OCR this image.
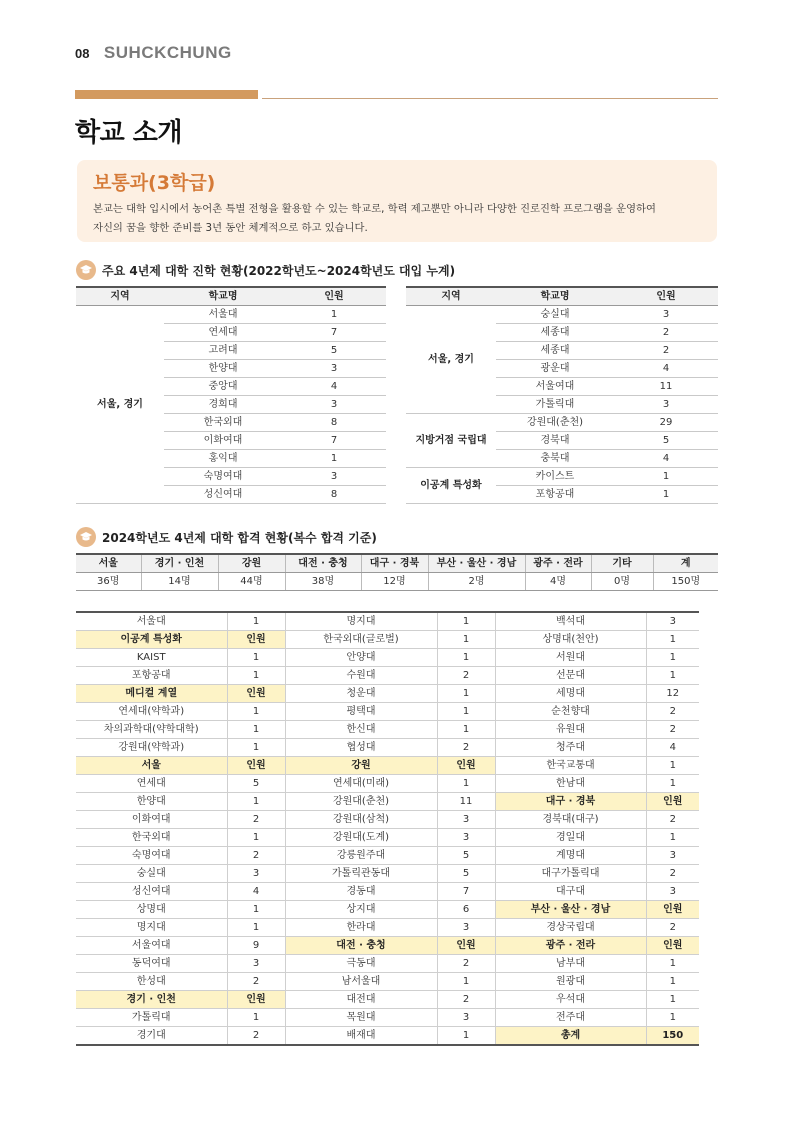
08 SUHCKCHUNG
학교 소개
보통과(3학급)

본교는 대학 입시에서 농어촌 특별 전형을 활용할 수 있는 학교로, 학력 제고뿐만 아니라 다양한 진로진학 프로그램을 운영하여
자신의 꿈을 향한 준비를 3년 동안 체계적으로 하고 있습니다.

주요 4년제 대학 진학 현황(2022학년도~2024학년도 대입 누계)
지역	학교명	인원
서울, 경기	서울대	1
	연세대	7
	고려대	5
	한양대	3
	중앙대	4
	경희대	3
	한국외대	8
	이화여대	7
	홍익대	1
	숙명여대	3
	성신여대	8
지역	학교명	인원
서울, 경기	숭실대	3
	세종대	2
	세종대	2
	광운대	4
	서울여대	11
	가톨릭대	3
지방거점 국립대	강원대(춘천)	29
	경북대	5
	충북대	4
이공계 특성화	카이스트	1
	포항공대	1
2024학년도 4년제 대학 합격 현황(복수 합격 기준)
서울	경기 · 인천	강원	대전 · 충청	대구 · 경북	부산 · 울산 · 경남	광주 · 전라	기타	계
36명	14명	44명	38명	12명	2명	4명	0명	150명
서울대	1	명지대	1	백석대	3
이공계 특성화	인원	한국외대(글로벌)	1	상명대(천안)	1
KAIST	1	안양대	1	서원대	1
포항공대	1	수원대	2	선문대	1
메디컬 계열	인원	청운대	1	세명대	12
연세대(약학과)	1	평택대	1	순천향대	2
차의과학대(약학대학)	1	한신대	1	유원대	2
강원대(약학과)	1	협성대	2	청주대	4
서울	인원	강원	인원	한국교통대	1
연세대	5	연세대(미래)	1	한남대	1
한양대	1	강원대(춘천)	11	대구 · 경북	인원
이화여대	2	강원대(삼척)	3	경북대(대구)	2
한국외대	1	강원대(도계)	3	경일대	1
숙명여대	2	강릉원주대	5	계명대	3
숭실대	3	가톨릭관동대	5	대구가톨릭대	2
성신여대	4	경동대	7	대구대	3
상명대	1	상지대	6	부산 · 울산 · 경남	인원
명지대	1	한라대	3	경상국립대	2
서울여대	9	대전 · 충청	인원	광주 · 전라	인원
동덕여대	3	극동대	2	남부대	1
한성대	2	남서울대	1	원광대	1
경기 · 인천	인원	대전대	2	우석대	1
가톨릭대	1	목원대	3	전주대	1
경기대	2	배재대	1	총계	150
